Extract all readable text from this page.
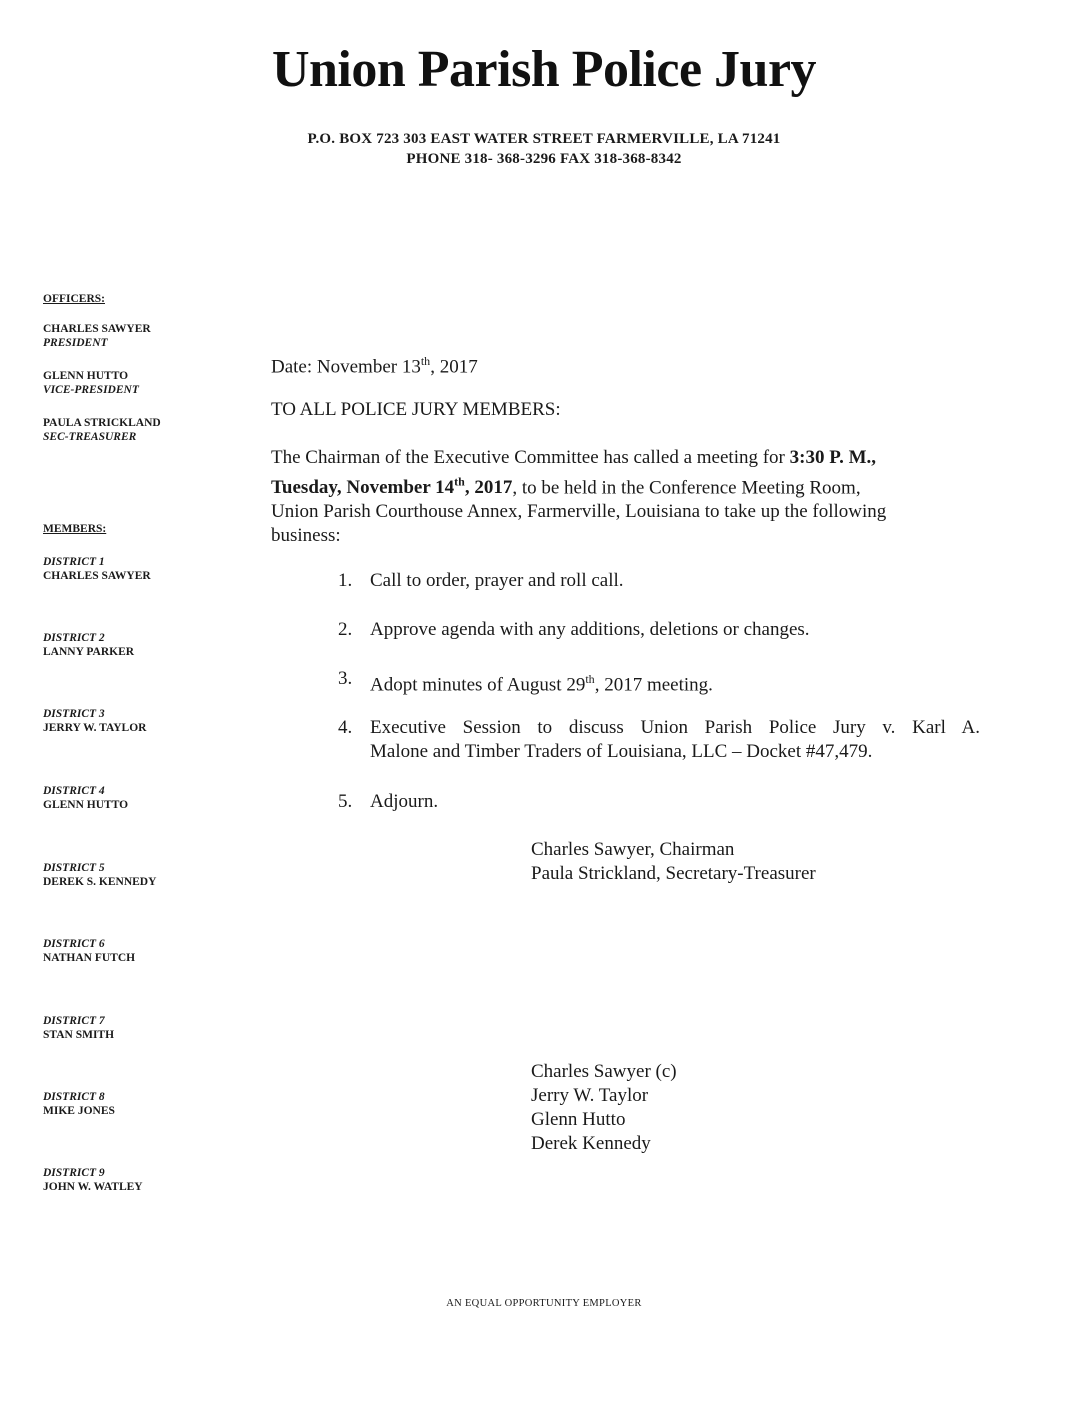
Union Parish Police Jury
P.O. BOX 723 303 EAST WATER STREET FARMERVILLE, LA 71241
PHONE 318- 368-3296 FAX 318-368-8342
OFFICERS:
CHARLES SAWYER
PRESIDENT
GLENN HUTTO
VICE-PRESIDENT
PAULA STRICKLAND
SEC-TREASURER
MEMBERS:
DISTRICT 1
CHARLES SAWYER
DISTRICT 2
LANNY PARKER
DISTRICT 3
JERRY W. TAYLOR
DISTRICT 4
GLENN HUTTO
DISTRICT 5
DEREK S. KENNEDY
DISTRICT 6
NATHAN FUTCH
DISTRICT 7
STAN SMITH
DISTRICT 8
MIKE JONES
DISTRICT 9
JOHN W. WATLEY
Date: November 13th, 2017
TO ALL POLICE JURY MEMBERS:
The Chairman of the Executive Committee has called a meeting for 3:30 P. M.,
Tuesday, November 14th, 2017, to be held in the Conference Meeting Room,
Union Parish Courthouse Annex, Farmerville, Louisiana to take up the following
business:
1. Call to order, prayer and roll call.
2. Approve agenda with any additions, deletions or changes.
3. Adopt minutes of August 29th, 2017 meeting.
4. Executive Session to discuss Union Parish Police Jury v. Karl A.
Malone and Timber Traders of Louisiana, LLC – Docket #47,479.
5. Adjourn.
Charles Sawyer, Chairman
Paula Strickland, Secretary-Treasurer
Charles Sawyer (c)
Jerry W. Taylor
Glenn Hutto
Derek Kennedy
AN EQUAL OPPORTUNITY EMPLOYER
